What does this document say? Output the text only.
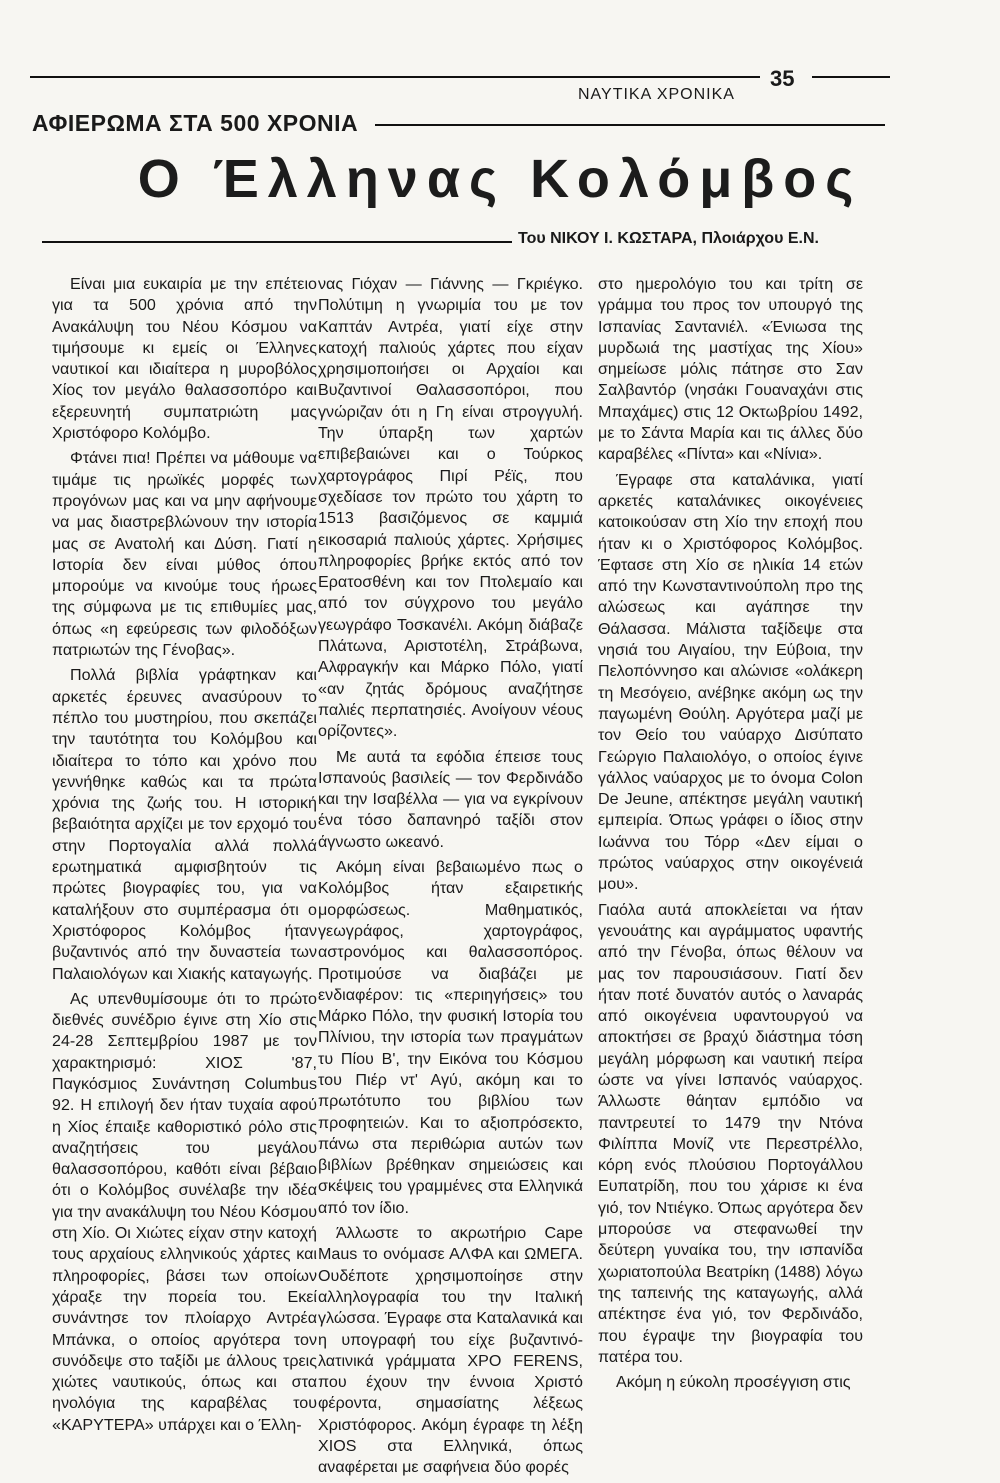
35
ΝΑΥΤΙΚΑ ΧΡΟΝΙΚΑ
ΑΦΙΕΡΩΜΑ ΣΤΑ 500 ΧΡΟΝΙΑ
Ο Έλληνας Κολόμβος
Του ΝΙΚΟΥ Ι. ΚΩΣΤΑΡΑ, Πλοιάρχου Ε.Ν.

Είναι μια ευκαιρία με την επέτειο για τα 500 χρόνια από την Ανακάλυψη του Νέου Κόσμου να τιμήσουμε κι εμείς οι Έλληνες ναυτικοί και ιδιαίτερα η μυροβόλος Χίος τον μεγάλο θαλασσοπόρο και εξερευνητή συμπατριώτη μας Χριστόφορο Κολόμβο.

Φτάνει πια! Πρέπει να μάθουμε να τιμάμε τις ηρωϊκές μορφές των προγόνων μας και να μην αφήνουμε να μας διαστρεβλώνουν την ιστορία μας σε Ανατολή και Δύση. Γιατί η Ιστορία δεν είναι μύθος όπου μπορούμε να κινούμε τους ήρωες της σύμφωνα με τις επιθυμίες μας, όπως «η εφεύρεσις των φιλοδόξων πατριωτών της Γένοβας».

Πολλά βιβλία γράφτηκαν και αρκετές έρευνες ανασύρουν το πέπλο του μυστηρίου, που σκεπάζει την ταυτότητα του Κολόμβου και ιδιαίτερα το τόπο και χρόνο που γεννήθηκε καθώς και τα πρώτα χρόνια της ζωής του. Η ιστορική βεβαιότητα αρχίζει με τον ερχομό του στην Πορτογαλία αλλά πολλά ερωτηματικά αμφισβητούν τις πρώτες βιογραφίες του, για να καταλήξουν στο συμπέρασμα ότι ο Χριστόφορος Κολόμβος ήταν βυζαντινός από την δυναστεία των Παλαιολόγων και Χιακής καταγωγής.

Ας υπενθυμίσουμε ότι το πρώτο διεθνές συνέδριο έγινε στη Χίο στις 24-28 Σεπτεμβρίου 1987 με τον χαρακτηρισμό: ΧΙΟΣ '87, Παγκόσμιος Συνάντηση Columbus 92. Η επιλογή δεν ήταν τυχαία αφού η Χίος έπαιξε καθοριστικό ρόλο στις αναζητήσεις του μεγάλου θαλασσοπόρου, καθότι είναι βέβαιο ότι ο Κολόμβος συνέλαβε την ιδέα για την ανακάλυψη του Νέου Κόσμου στη Χίο. Οι Χιώτες είχαν στην κατοχή τους αρχαίους ελληνικούς χάρτες και πληροφορίες, βάσει των οποίων χάραξε την πορεία του. Εκεί συνάντησε τον πλοίαρχο Αντρέα Μπάνκα, ο οποίος αργότερα τον συνόδεψε στο ταξίδι με άλλους τρεις χιώτες ναυτικούς, όπως και στα ηνολόγια της καραβέλας του «ΚΑΡΥΤΕΡΑ» υπάρχει και ο Έλλη-

νας Γιόχαν — Γιάννης — Γκριέγκο. Πολύτιμη η γνωριμία του με τον Καπτάν Αντρέα, γιατί είχε στην κατοχή παλιούς χάρτες που είχαν χρησιμοποιήσει οι Αρχαίοι και Βυζαντινοί Θαλασσοπόροι, που γνώριζαν ότι η Γη είναι στρογγυλή. Την ύπαρξη των χαρτών επιβεβαιώνει και ο Τούρκος χαρτογράφος Πιρί Ρέϊς, που σχεδίασε τον πρώτο του χάρτη το 1513 βασιζόμενος σε καμμιά εικοσαριά παλιούς χάρτες. Χρήσιμες πληροφορίες βρήκε εκτός από τον Ερατοσθένη και τον Πτολεμαίο και από τον σύγχρονο του μεγάλο γεωγράφο Τοσκανέλι. Ακόμη διάβαζε Πλάτωνα, Αριστοτέλη, Στράβωνα, Αλφραγκήν και Μάρκο Πόλο, γιατί «αν ζητάς δρόμους αναζήτησε παλιές περπατησιές. Ανοίγουν νέους ορίζοντες».

Με αυτά τα εφόδια έπεισε τους Ισπανούς βασιλείς — τον Φερδινάδο και την Ισαβέλλα — για να εγκρίνουν ένα τόσο δαπανηρό ταξίδι στον άγνωστο ωκεανό.

Ακόμη είναι βεβαιωμένο πως ο Κολόμβος ήταν εξαιρετικής μορφώσεως. Μαθηματικός, γεωγράφος, χαρτογράφος, αστρονόμος και θαλασσοπόρος. Προτιμούσε να διαβάζει με ενδιαφέρον: τις «περιηγήσεις» του Μάρκο Πόλο, την φυσική Ιστορία του Πλίνιου, την ιστορία των πραγμάτων τυ Πίου Β', την Εικόνα του Κόσμου του Πιέρ ντ' Αγύ, ακόμη και το πρωτότυπο του βιβλίου των προφητειών. Και το αξιοπρόσεκτο, πάνω στα περιθώρια αυτών των βιβλίων βρέθηκαν σημειώσεις και σκέψεις του γραμμένες στα Ελληνικά από τον ίδιο.

Άλλωστε το ακρωτήριο Cape Maus το ονόμασε ΑΛΦΑ και ΩΜΕΓΑ. Ουδέποτε χρησιμοποίησε στην αλληλογραφία του την Ιταλική γλώσσα. Έγραφε στα Καταλανικά και η υπογραφή του είχε βυζαντινό-λατινικά γράμματα ΧΡΟ FERENS, που έχουν την έννοια Χριστό φέροντα, σημασίατης λέξεως Χριστόφορος. Ακόμη έγραφε τη λέξη ΧΙΟS στα Ελληνικά, όπως αναφέρεται με σαφήνεια δύο φορές

στο ημερολόγιο του και τρίτη σε γράμμα του προς τον υπουργό της Ισπανίας Σαντανιέλ. «Ένιωσα της μυρδωιά της μαστίχας της Χίου» σημείωσε μόλις πάτησε στο Σαν Σαλβαντόρ (νησάκι Γουαναχάνι στις Μπαχάμες) στις 12 Οκτωβρίου 1492, με το Σάντα Μαρία και τις άλλες δύο καραβέλες «Πίντα» και «Νίνια».

Έγραφε στα καταλάνικα, γιατί αρκετές καταλάνικες οικογένειες κατοικούσαν στη Χίο την εποχή που ήταν κι ο Χριστόφορος Κολόμβος. Έφτασε στη Χίο σε ηλικία 14 ετών από την Κωνσταντινούπολη προ της αλώσεως και αγάπησε την Θάλασσα. Μάλιστα ταξίδεψε στα νησιά του Αιγαίου, την Εύβοια, την Πελοπόννησο και αλώνισε «ολάκερη τη Μεσόγειο, ανέβηκε ακόμη ως την παγωμένη Θούλη. Αργότερα μαζί με τον Θείο του ναύαρχο Δισύπατο Γεώργιο Παλαιολόγο, ο οποίος έγινε γάλλος ναύαρχος με το όνομα Colon De Jeune, απέκτησε μεγάλη ναυτική εμπειρία. Όπως γράφει ο ίδιος στην Ιωάννα του Τόρρ «Δεν είμαι ο πρώτος ναύαρχος στην οικογένειά μου».

Γιαόλα αυτά αποκλείεται να ήταν γενουάτης και αγράμματος υφαντής από την Γένοβα, όπως θέλουν να μας τον παρουσιάσουν. Γιατί δεν ήταν ποτέ δυνατόν αυτός ο λαναράς από οικογένεια υφαντουργού να αποκτήσει σε βραχύ διάστημα τόση μεγάλη μόρφωση και ναυτική πείρα ώστε να γίνει Ισπανός ναύαρχος. Άλλωστε θάηταν εμπόδιο να παντρευτεί το 1479 την Ντόνα Φιλίππα Μονίζ ντε Περεστρέλλο, κόρη ενός πλούσιου Πορτογάλλου Ευπατρίδη, που του χάρισε κι ένα γιό, τον Ντιέγκο. Όπως αργότερα δεν μπορούσε να στεφανωθεί την δεύτερη γυναίκα του, την ισπανίδα χωριατοπούλα Βεατρίκη (1488) λόγω της ταπεινής της καταγωγής, αλλά απέκτησε ένα γιό, τον Φερδινάδο, που έγραψε την βιογραφία του πατέρα του.

Ακόμη η εύκολη προσέγγιση στις
